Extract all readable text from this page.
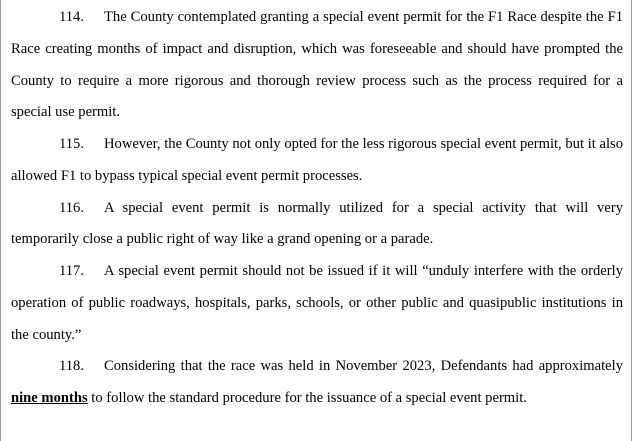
114. The County contemplated granting a special event permit for the F1 Race despite the F1 Race creating months of impact and disruption, which was foreseeable and should have prompted the County to require a more rigorous and thorough review process such as the process required for a special use permit.

115. However, the County not only opted for the less rigorous special event permit, but it also allowed F1 to bypass typical special event permit processes.

116. A special event permit is normally utilized for a special activity that will very temporarily close a public right of way like a grand opening or a parade.

117. A special event permit should not be issued if it will “unduly interfere with the orderly operation of public roadways, hospitals, parks, schools, or other public and quasipublic institutions in the county.”

118. Considering that the race was held in November 2023, Defendants had approximately nine months to follow the standard procedure for the issuance of a special event permit.
